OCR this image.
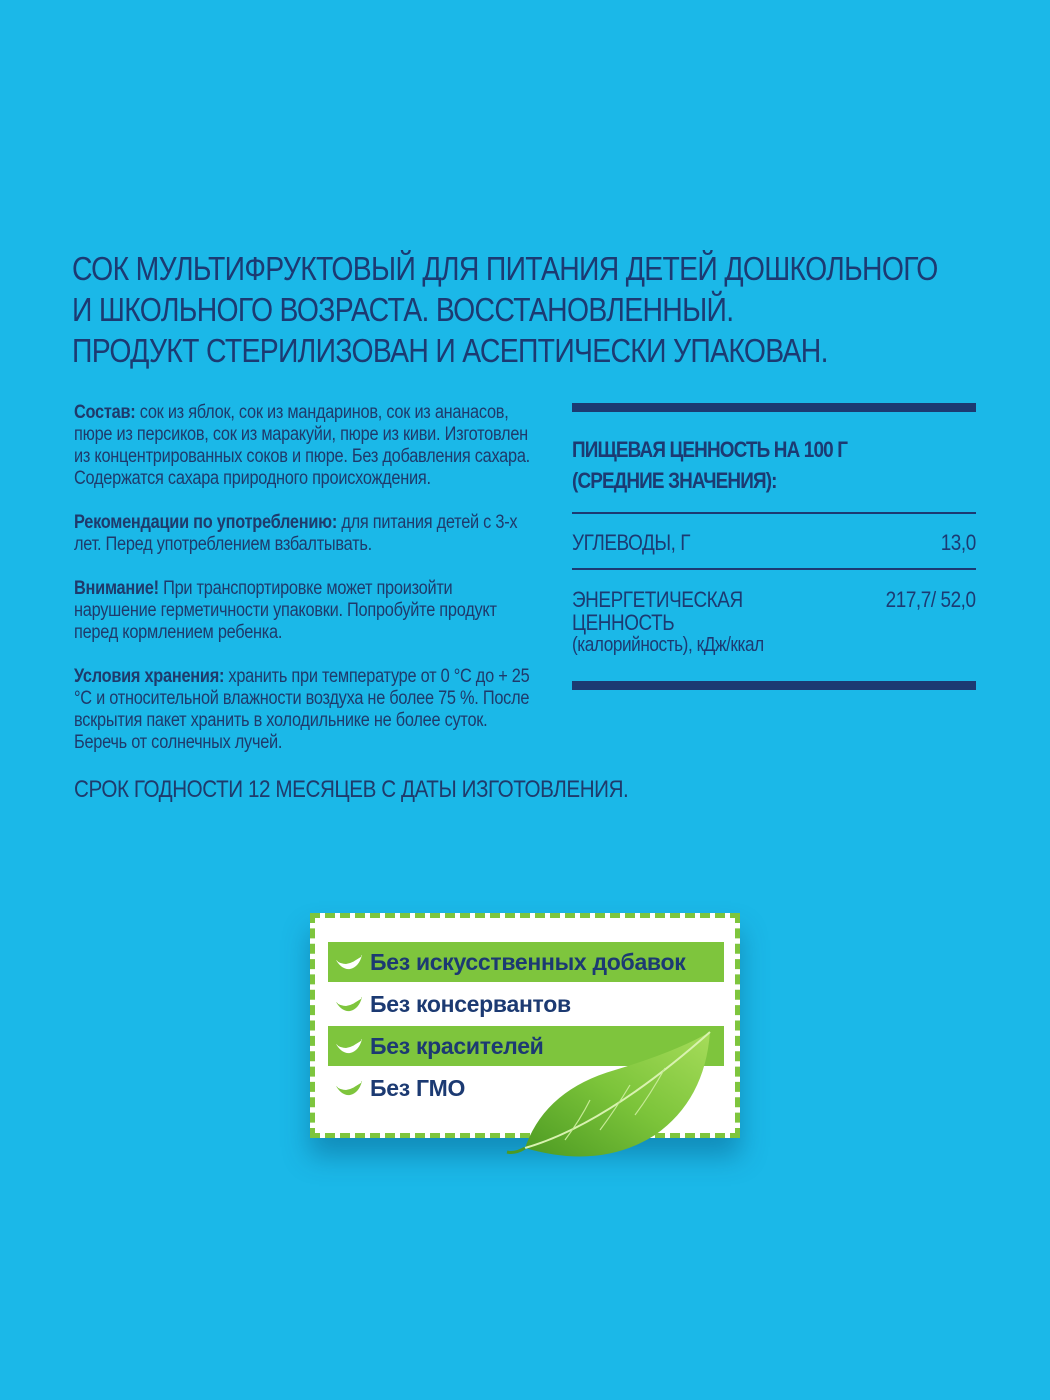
СОК МУЛЬТИФРУКТОВЫЙ ДЛЯ ПИТАНИЯ ДЕТЕЙ ДОШКОЛЬНОГО
И ШКОЛЬНОГО ВОЗРАСТА. ВОССТАНОВЛЕННЫЙ.
ПРОДУКТ СТЕРИЛИЗОВАН И АСЕПТИЧЕСКИ УПАКОВАН.
Состав: сок из яблок, сок из мандаринов, сок из ананасов, пюре из персиков, сок из маракуйи, пюре из киви. Изготовлен из концентрированных соков и пюре. Без добавления сахара. Содержатся сахара природного происхождения.
Рекомендации по употреблению: для питания детей с 3-х лет. Перед употреблением взбалтывать.
Внимание! При транспортировке может произойти нарушение герметичности упаковки. Попробуйте продукт перед кормлением ребенка.
Условия хранения: хранить при температуре от 0 °С до + 25 °С и относительной влажности воздуха не более 75 %. После вскрытия пакет хранить в холодильнике не более суток. Беречь от солнечных лучей.
СРОК ГОДНОСТИ 12 МЕСЯЦЕВ С ДАТЫ ИЗГОТОВЛЕНИЯ.
ПИЩЕВАЯ ЦЕННОСТЬ НА 100 Г
(СРЕДНИЕ ЗНАЧЕНИЯ):
УГЛЕВОДЫ, Г	13,0
ЭНЕРГЕТИЧЕСКАЯ ЦЕННОСТЬ
(калорийность), кДж/ккал
217,7/ 52,0
Без искусственных добавок
Без консервантов
Без красителей
Без ГМО
